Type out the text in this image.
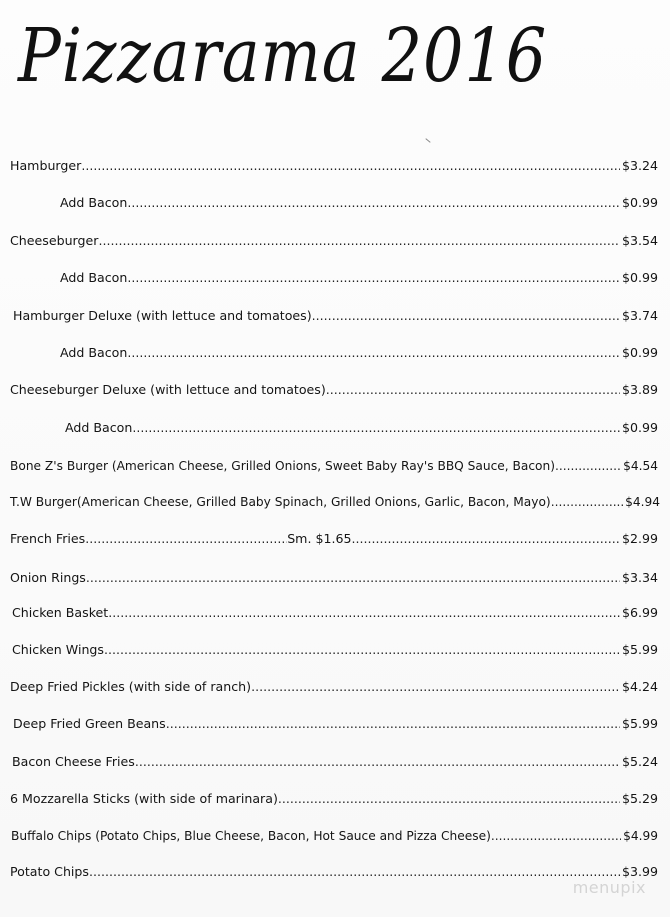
Pizzarama 2016
Hamburger .....	$3.24
Add Bacon .....	$0.99
Cheeseburger .....	$3.54
Add Bacon .....	$0.99
Hamburger Deluxe (with lettuce and tomatoes) .....	$3.74
Add Bacon .....	$0.99
Cheeseburger Deluxe (with lettuce and tomatoes) .....	$3.89
Add Bacon .....	$0.99
Bone Z's Burger (American Cheese, Grilled Onions, Sweet Baby Ray's BBQ Sauce, Bacon) .....	$4.54
T.W Burger(American Cheese, Grilled Baby Spinach, Grilled Onions, Garlic, Bacon, Mayo) .....	$4.94
French Fries .....	Sm. $1.65 .....	$2.99
Onion Rings .....	$3.34
Chicken Basket .....	$6.99
Chicken Wings .....	$5.99
Deep Fried Pickles (with side of ranch) .....	$4.24
Deep Fried Green Beans .....	$5.99
Bacon Cheese Fries .....	$5.24
6 Mozzarella Sticks (with side of marinara) .....	$5.29
Buffalo Chips (Potato Chips, Blue Cheese, Bacon, Hot Sauce and Pizza Cheese) .....	$4.99
Potato Chips .....	$3.99
menupix
